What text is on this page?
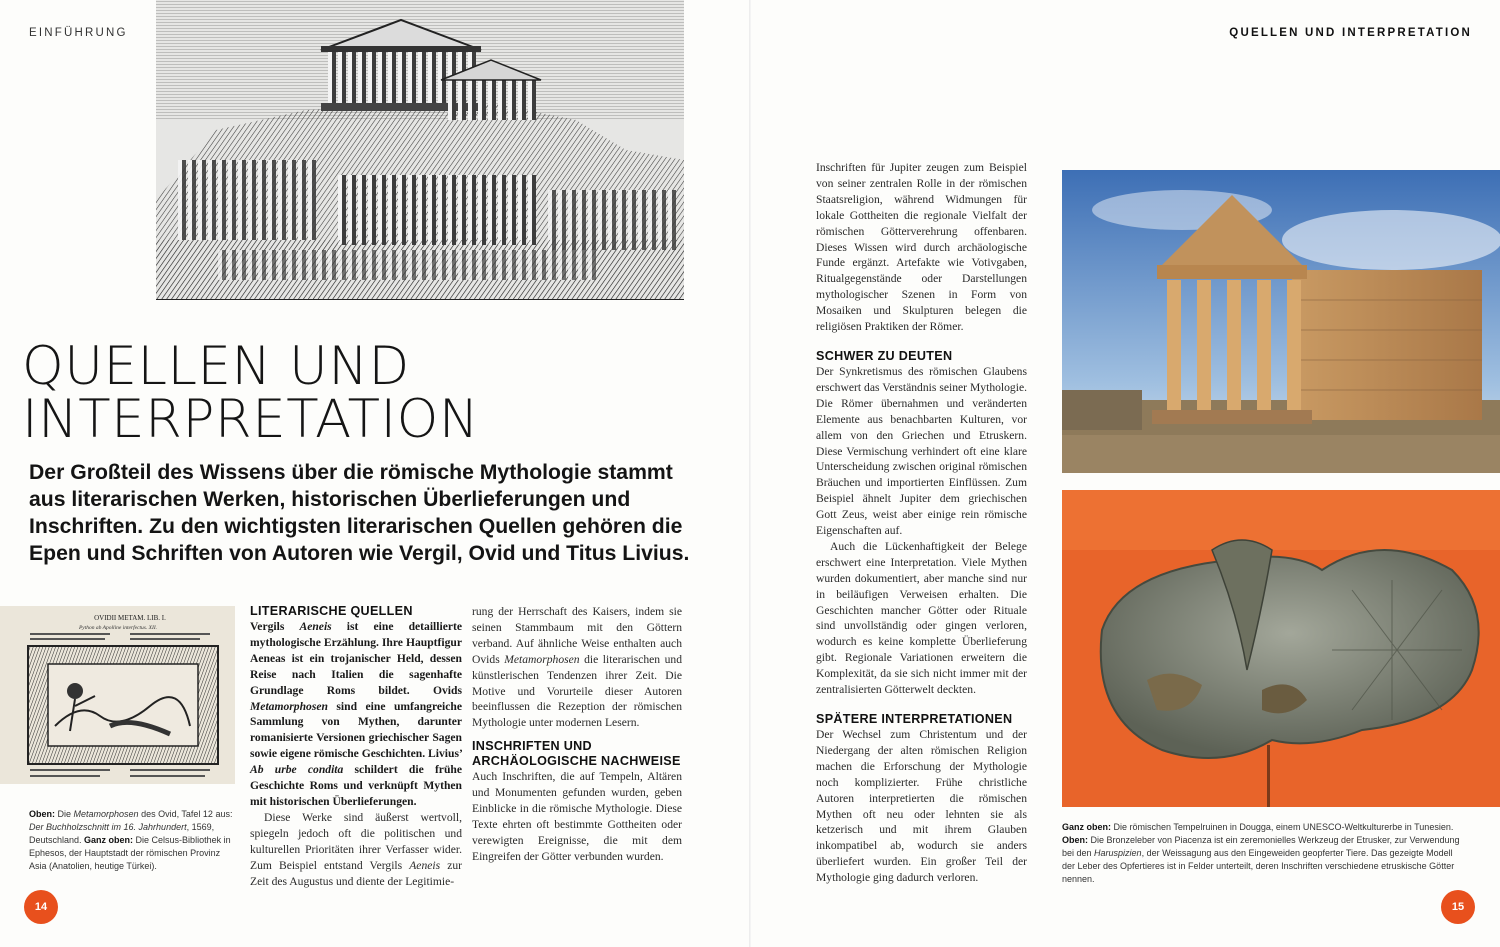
EINFÜHRUNG	QUELLEN UND INTERPRETATION
QUELLEN UND
INTERPRETATION

Der Großteil des Wissens über die römische Mythologie stammt aus literarischen Werken, historischen Überlieferungen und Inschriften. Zu den wichtigsten literarischen Quellen gehören die Epen und Schriften von Autoren wie Vergil, Ovid und Titus Livius.

OVIDII METAM. LIB. I.
Python ab Apolline interfectus. XII.
Oben: Die Metamorphosen des Ovid, Tafel 12 aus: Der Buchholzschnitt im 16. Jahrhundert, 1569, Deutschland. Ganz oben: Die Celsus-Bibliothek in Ephesos, der Hauptstadt der römischen Provinz Asia (Anatolien, heutige Türkei).
LITERARISCHE QUELLEN

Vergils Aeneis ist eine detaillierte mythologische Erzählung. Ihre Hauptfigur Aeneas ist ein trojanischer Held, dessen Reise nach Italien die sagenhafte Grundlage Roms bildet. Ovids Metamorphosen sind eine umfangreiche Sammlung von Mythen, darunter romanisierte Versionen griechischer Sagen sowie eigene römische Geschichten. Livius’ Ab urbe condita schildert die frühe Geschichte Roms und verknüpft Mythen mit historischen Überlieferungen.

Diese Werke sind äußerst wertvoll, spiegeln jedoch oft die politischen und kulturellen Prioritäten ihrer Verfasser wider. Zum Beispiel entstand Vergils Aeneis zur Zeit des Augustus und diente der Legitimie-

rung der Herrschaft des Kaisers, indem sie seinen Stammbaum mit den Göttern verband. Auf ähnliche Weise enthalten auch Ovids Metamorphosen die literarischen und künstlerischen Tendenzen ihrer Zeit. Die Motive und Vorurteile dieser Autoren beeinflussen die Rezeption der römischen Mythologie unter modernen Lesern.

INSCHRIFTEN UND ARCHÄOLOGISCHE NACHWEISE

Auch Inschriften, die auf Tempeln, Altären und Monumenten gefunden wurden, geben Einblicke in die römische Mythologie. Diese Texte ehrten oft bestimmte Gottheiten oder verewigten Ereignisse, die mit dem Eingreifen der Götter verbunden wurden.

Inschriften für Jupiter zeugen zum Beispiel von seiner zentralen Rolle in der römischen Staatsreligion, während Widmungen für lokale Gottheiten die regionale Vielfalt der römischen Götterverehrung offenbaren. Dieses Wissen wird durch archäologische Funde ergänzt. Artefakte wie Votivgaben, Ritualgegenstände oder Darstellungen mythologischer Szenen in Form von Mosaiken und Skulpturen belegen die religiösen Praktiken der Römer.

SCHWER ZU DEUTEN

Der Synkretismus des römischen Glaubens erschwert das Verständnis seiner Mythologie. Die Römer übernahmen und veränderten Elemente aus benachbarten Kulturen, vor allem von den Griechen und Etruskern. Diese Vermischung verhindert oft eine klare Unterscheidung zwischen original römischen Bräuchen und importierten Einflüssen. Zum Beispiel ähnelt Jupiter dem griechischen Gott Zeus, weist aber einige rein römische Eigenschaften auf.

Auch die Lückenhaftigkeit der Belege erschwert eine Interpretation. Viele Mythen wurden dokumentiert, aber manche sind nur in beiläufigen Verweisen erhalten. Die Geschichten mancher Götter oder Rituale sind unvollständig oder gingen verloren, wodurch es keine komplette Überlieferung gibt. Regionale Variationen erweitern die Komplexität, da sie sich nicht immer mit der zentralisierten Götterwelt deckten.

SPÄTERE INTERPRETATIONEN

Der Wechsel zum Christentum und der Niedergang der alten römischen Religion machen die Erforschung der Mythologie noch komplizierter. Frühe christliche Autoren interpretierten die römischen Mythen oft neu oder lehnten sie als ketzerisch und mit ihrem Glauben inkompatibel ab, wodurch sie anders überliefert wurden. Ein großer Teil der Mythologie ging dadurch verloren.

Ganz oben: Die römischen Tempelruinen in Dougga, einem UNESCO-Weltkulturerbe in Tunesien. Oben: Die Bronzeleber von Piacenza ist ein zeremonielles Werkzeug der Etrusker, zur Verwendung bei den Haruspizien, der Weissagung aus den Eingeweiden geopferter Tiere. Das gezeigte Modell der Leber des Opfertieres ist in Felder unterteilt, deren Inschriften verschiedene etruskische Götter nennen.
14	15
